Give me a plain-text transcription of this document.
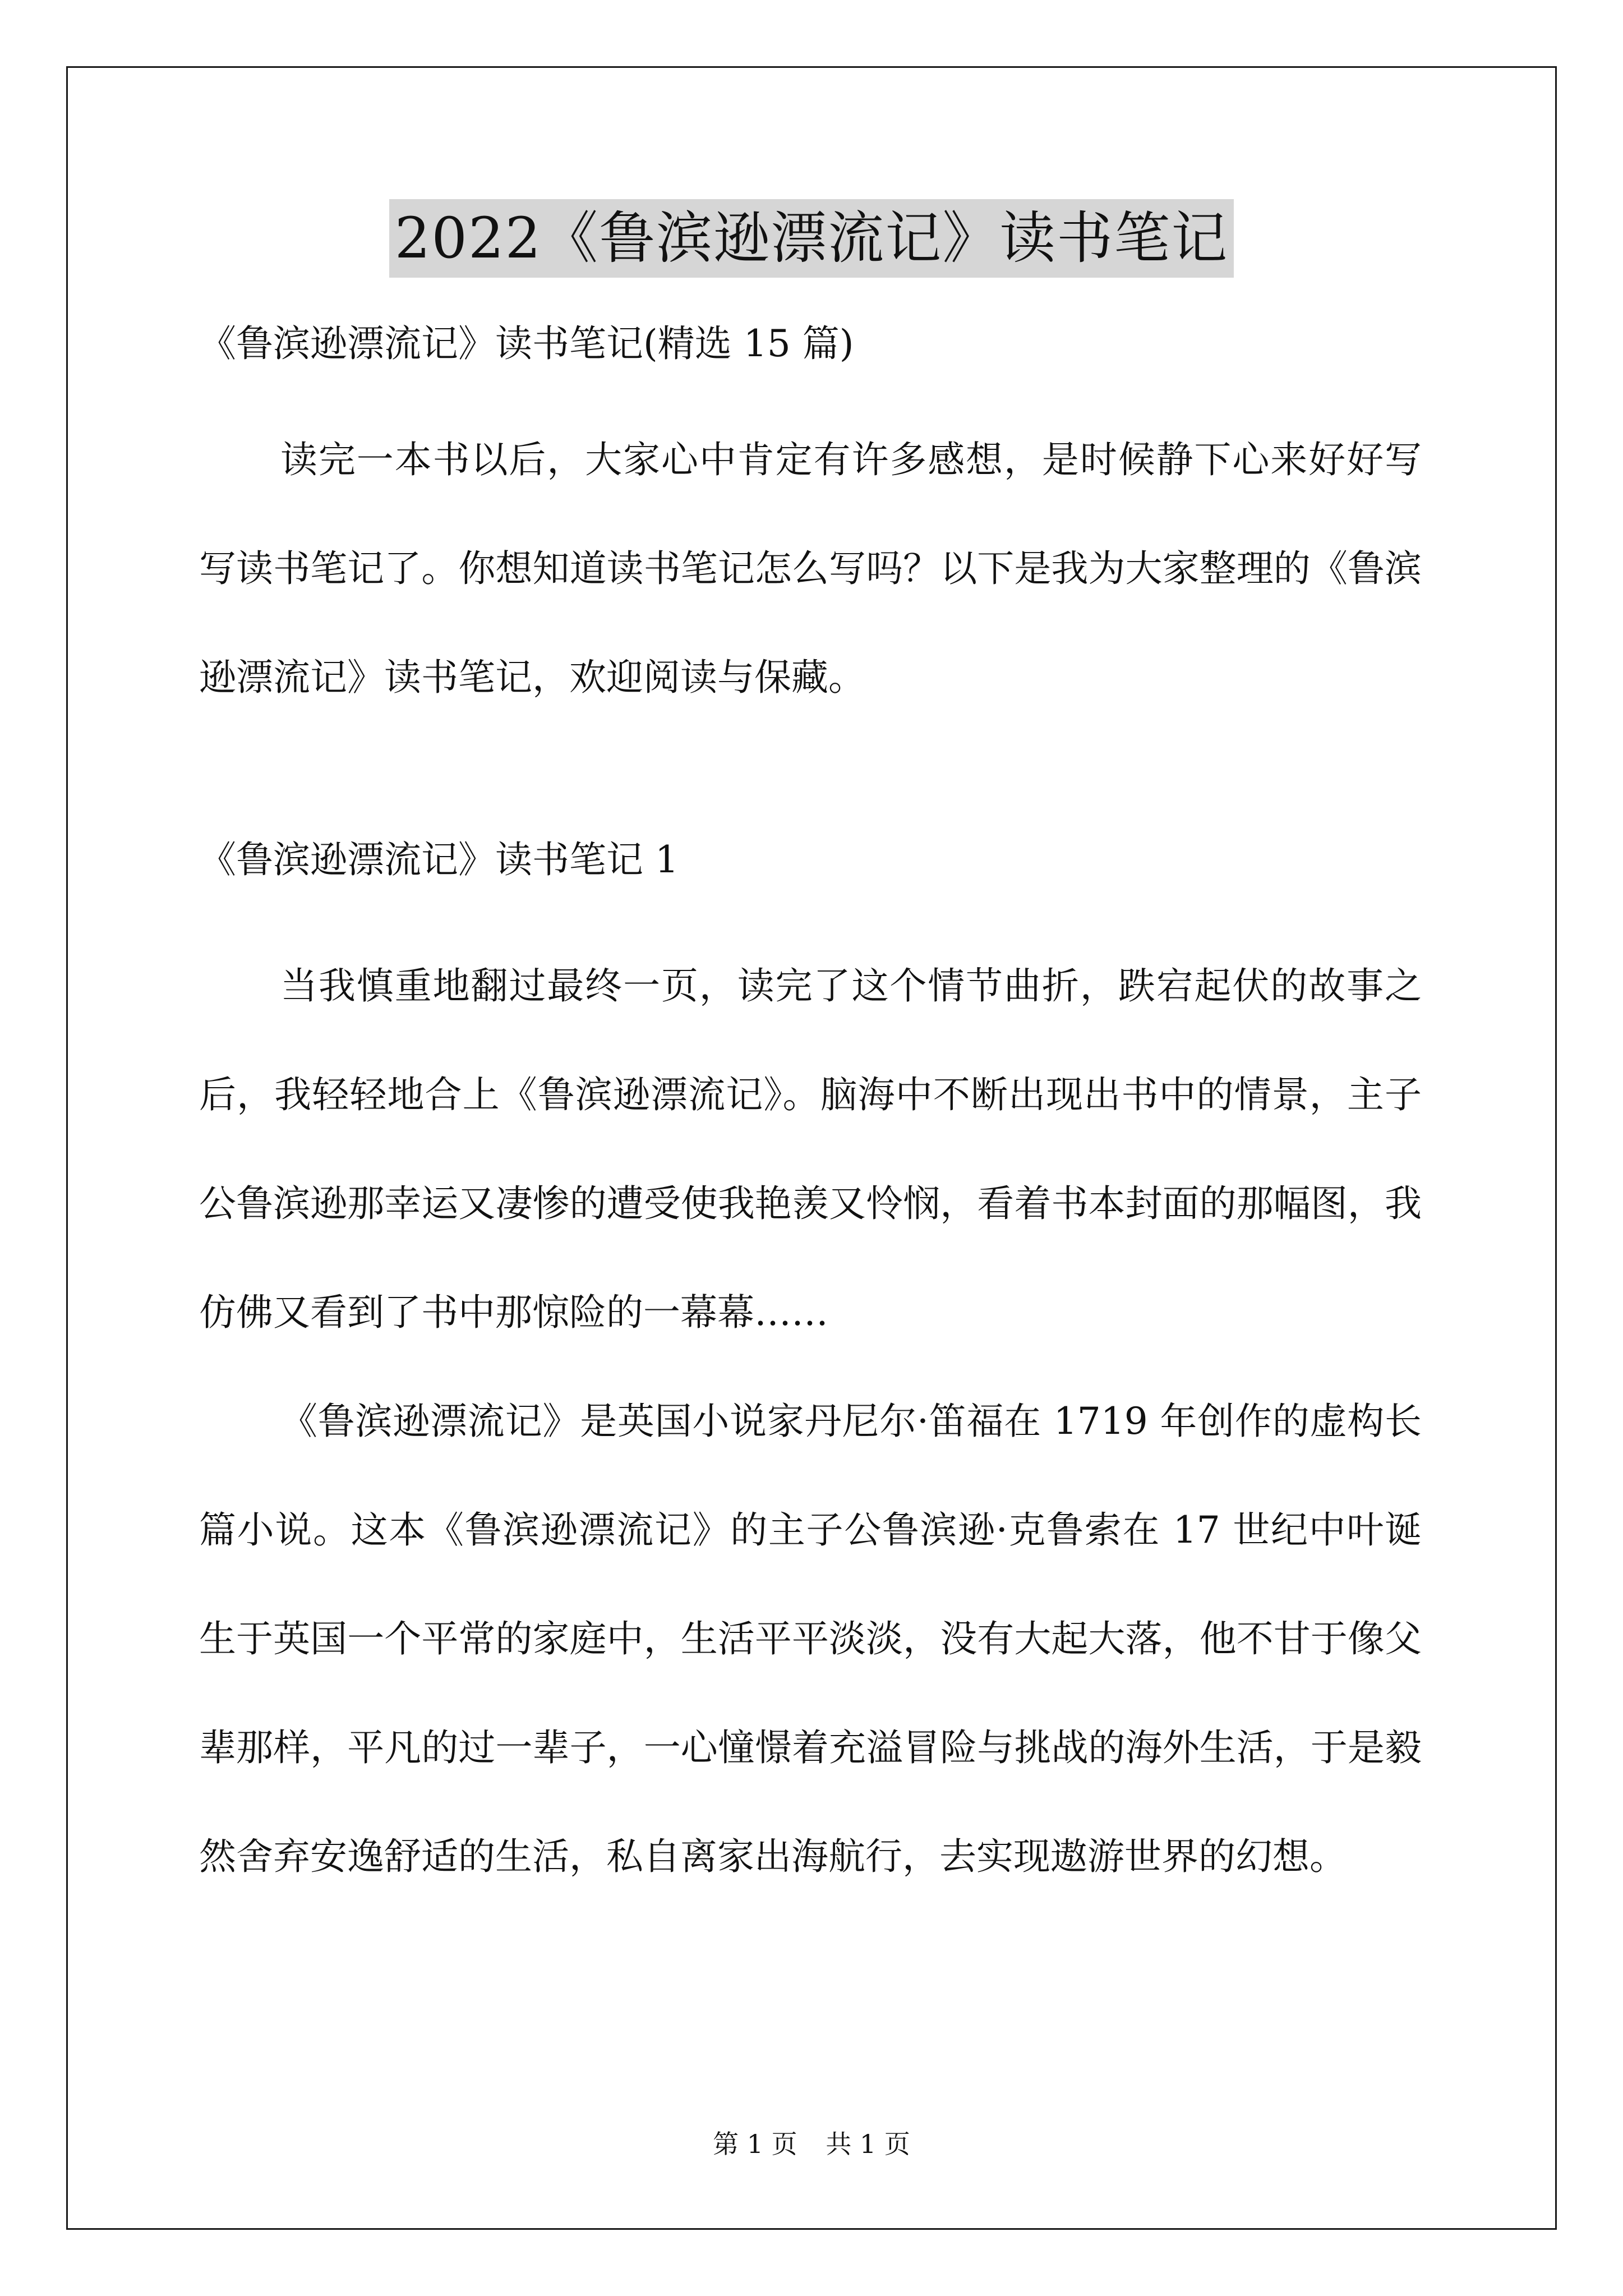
2022《鲁滨逊漂流记》读书笔记
《鲁滨逊漂流记》读书笔记(精选 15 篇)

读完一本书以后，大家心中肯定有许多感想，是时候静下心来好好写写读书笔记了。你想知道读书笔记怎么写吗？以下是我为大家整理的《鲁滨逊漂流记》读书笔记，欢迎阅读与保藏。

《鲁滨逊漂流记》读书笔记 1

当我慎重地翻过最终一页，读完了这个情节曲折，跌宕起伏的故事之后，我轻轻地合上《鲁滨逊漂流记》。脑海中不断出现出书中的情景，主子公鲁滨逊那幸运又凄惨的遭受使我艳羡又怜悯，看着书本封面的那幅图，我仿佛又看到了书中那惊险的一幕幕……

《鲁滨逊漂流记》是英国小说家丹尼尔·笛福在 1719 年创作的虚构长篇小说。这本《鲁滨逊漂流记》的主子公鲁滨逊·克鲁索在 17 世纪中叶诞生于英国一个平常的家庭中，生活平平淡淡，没有大起大落，他不甘于像父辈那样，平凡的过一辈子，一心憧憬着充溢冒险与挑战的海外生活，于是毅然舍弃安逸舒适的生活，私自离家出海航行，去实现遨游世界的幻想。

第 1 页 共 1 页
